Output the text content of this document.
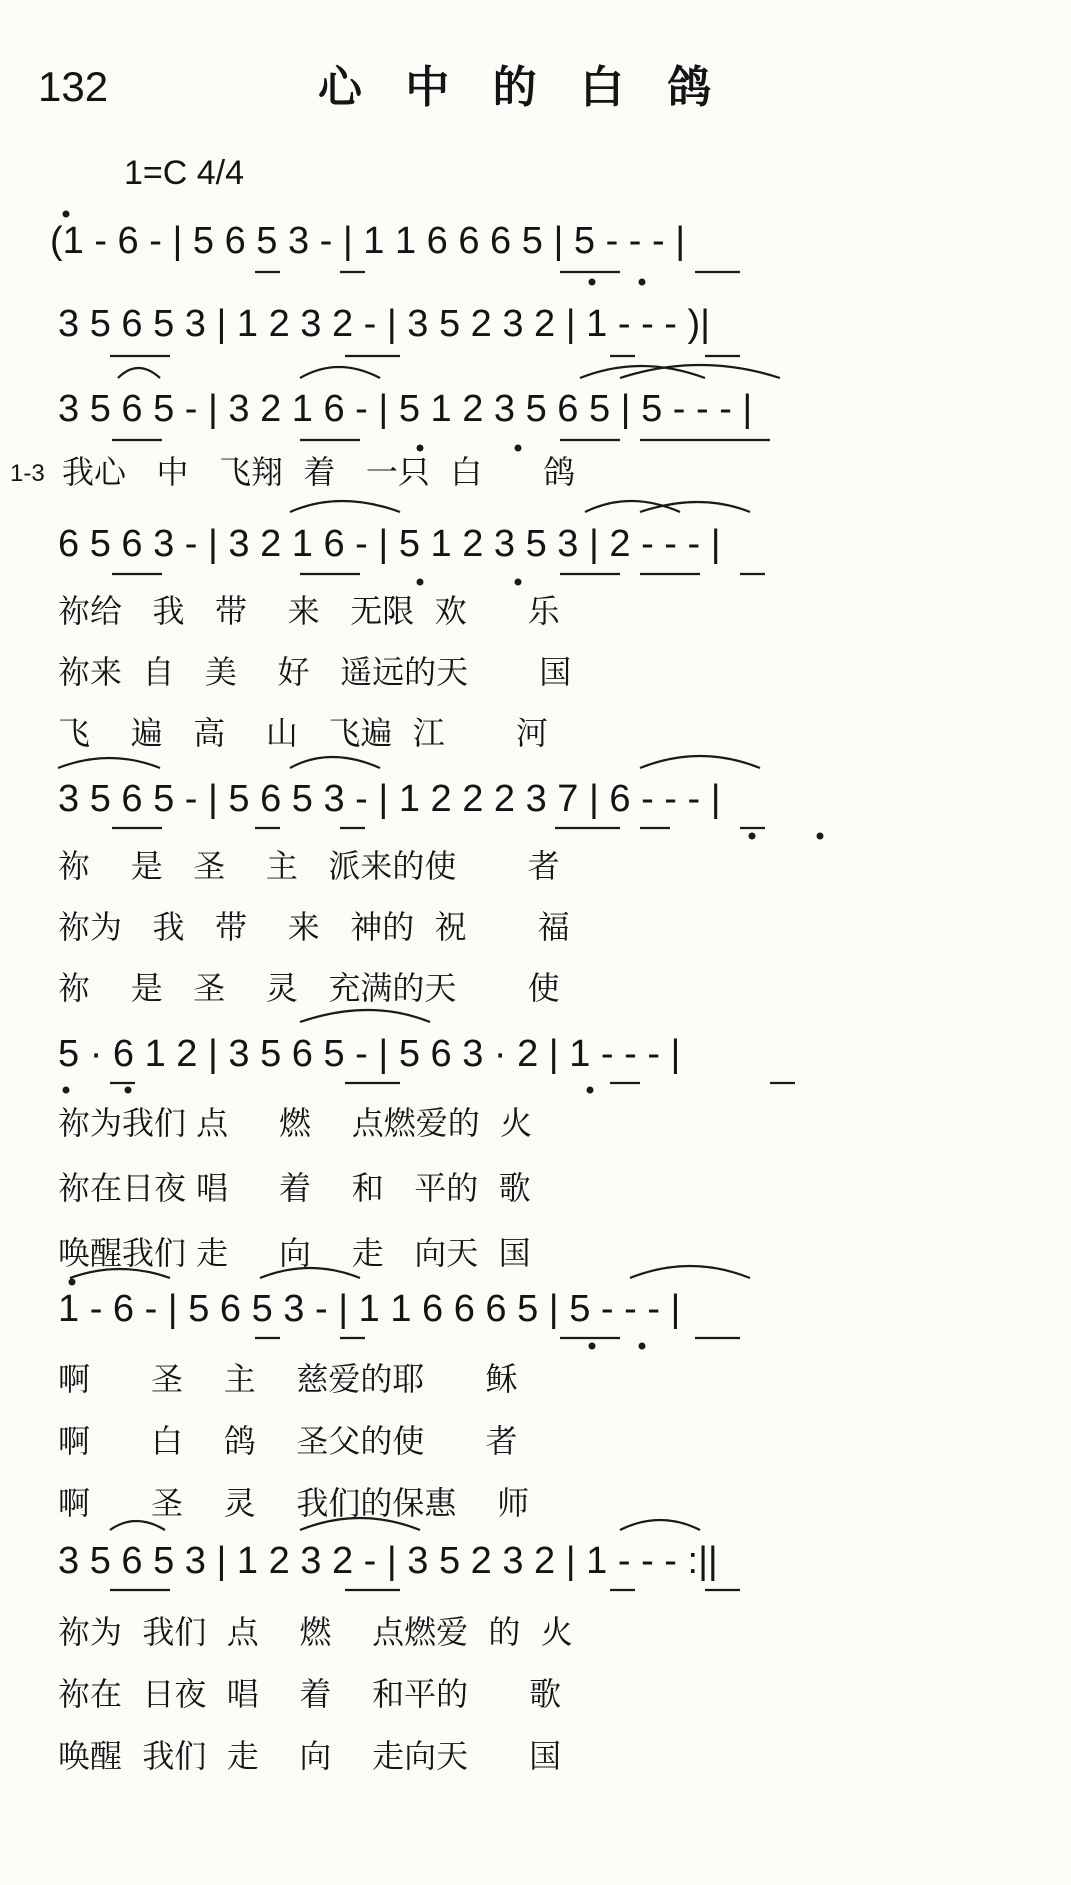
132	心 中 的 白 鸽
1=C 4/4
(1 - 6 - | 5 6 5 3 - | 1 1 6 6 6 5 | 5 - - - |
3 5 6 5 3 | 1 2 3 2 - | 3 5 2 3 2 | 1 - - - )|
3 5 6 5 - | 3 2 1 6 - | 5 1 2 3 5 6 5 | 5 - - - |
6 5 6 3 - | 3 2 1 6 - | 5 1 2 3 5 3 | 2 - - - |
3 5 6 5 - | 5 6 5 3 - | 1 2 2 2 3 7 | 6 - - - |
5 · 6 1 2 | 3 5 6 5 - | 5 6 3 · 2 | 1 - - - |
1 - 6 - | 5 6 5 3 - | 1 1 6 6 6 5 | 5 - - - |
3 5 6 5 3 | 1 2 3 2 - | 3 5 2 3 2 | 1 - - - :||
1-3 我心   中   飞翔  着   一只  白      鸽
祢给   我   带    来   无限  欢      乐
祢来  自   美    好   遥远的天       国
飞    遍   高    山   飞遍  江       河
祢    是   圣    主   派来的使       者
祢为   我   带    来   神的  祝       福
祢    是   圣    灵   充满的天       使
祢为我们 点     燃    点燃爱的  火
祢在日夜 唱     着    和   平的  歌
唤醒我们 走     向    走   向天  国
啊      圣    主    慈爱的耶      稣
啊      白    鸽    圣父的使      者
啊      圣    灵    我们的保惠    师
祢为  我们  点    燃    点燃爱  的  火
祢在  日夜  唱    着    和平的      歌
唤醒  我们  走    向    走向天      国
